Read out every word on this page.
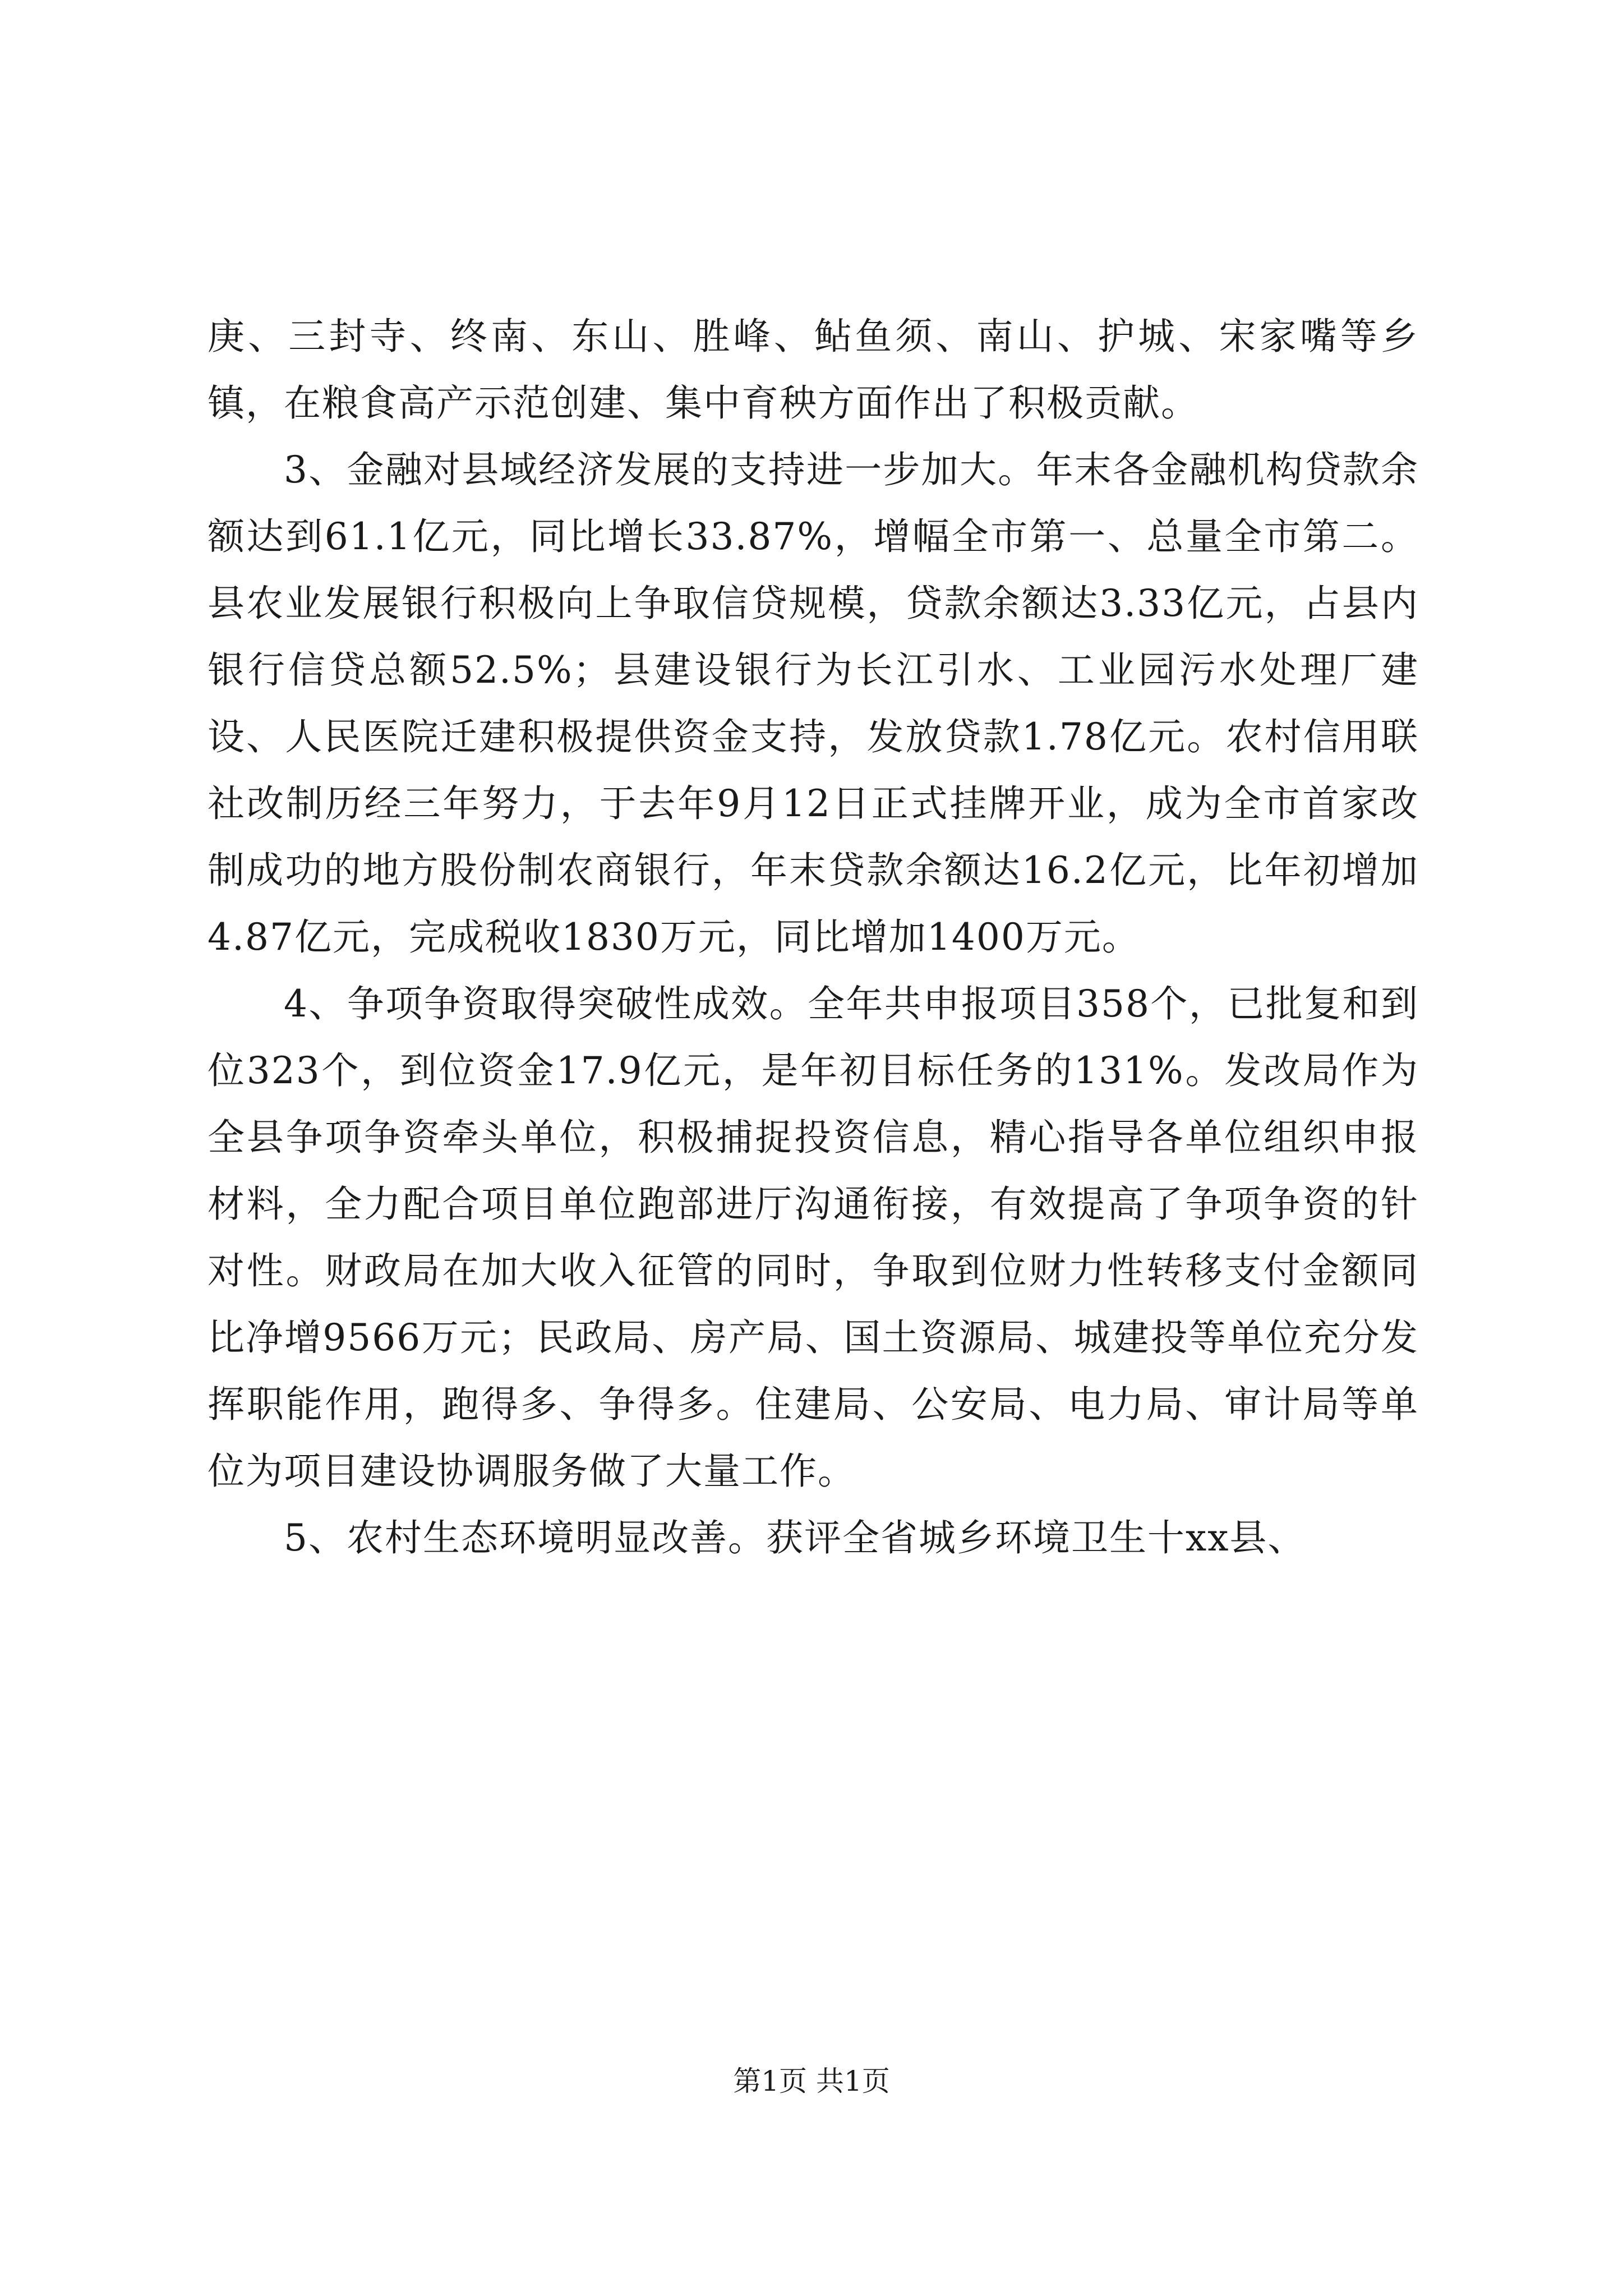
庚、三封寺、终南、东山、胜峰、鲇鱼须、南山、护城、宋家嘴等乡镇，在粮食高产示范创建、集中育秧方面作出了积极贡献。

3、金融对县域经济发展的支持进一步加大。年末各金融机构贷款余额达到61.1亿元，同比增长33.87%，增幅全市第一、总量全市第二。县农业发展银行积极向上争取信贷规模，贷款余额达3.33亿元，占县内银行信贷总额52.5%；县建设银行为长江引水、工业园污水处理厂建设、人民医院迁建积极提供资金支持，发放贷款1.78亿元。农村信用联社改制历经三年努力，于去年9月12日正式挂牌开业，成为全市首家改制成功的地方股份制农商银行，年末贷款余额达16.2亿元，比年初增加4.87亿元，完成税收1830万元，同比增加1400万元。

4、争项争资取得突破性成效。全年共申报项目358个，已批复和到位323个，到位资金17.9亿元，是年初目标任务的131%。发改局作为全县争项争资牵头单位，积极捕捉投资信息，精心指导各单位组织申报材料，全力配合项目单位跑部进厅沟通衔接，有效提高了争项争资的针对性。财政局在加大收入征管的同时，争取到位财力性转移支付金额同比净增9566万元；民政局、房产局、国土资源局、城建投等单位充分发挥职能作用，跑得多、争得多。住建局、公安局、电力局、审计局等单位为项目建设协调服务做了大量工作。

5、农村生态环境明显改善。获评全省城乡环境卫生十xx县、

第1页 共1页
